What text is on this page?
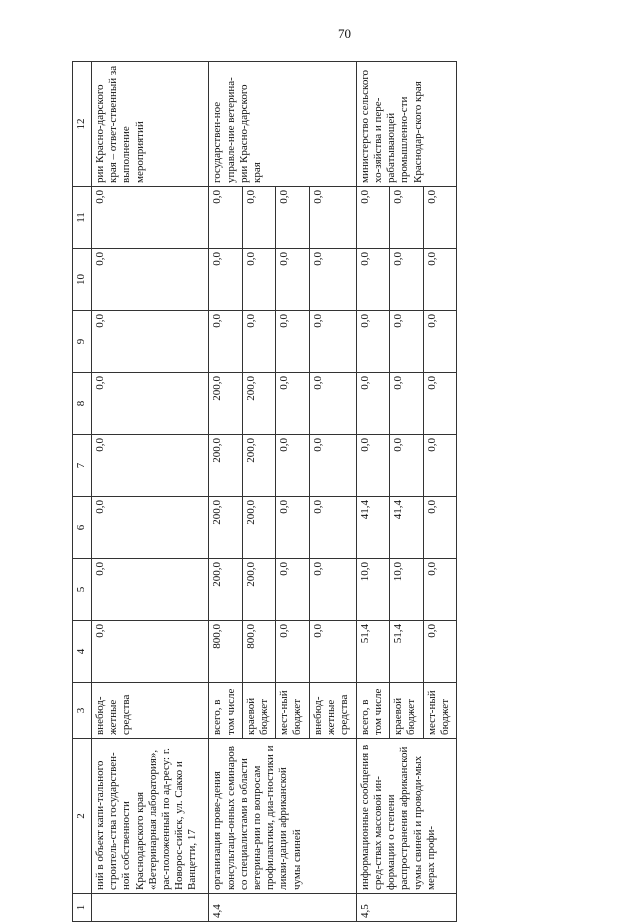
70
1	2	3	4	5	6	7	8	9	10	11	12
	ний в объект капи-тального строитель-ства государствен-ной собственности Краснодарского края «Ветеринарная лаборатория», рас-положенный по ад-ресу: г. Новорос-сийск, ул. Сакко и Ванцетти, 17	внебюд-жетные средства	0,0	0,0	0,0	0,0	0,0	0,0	0,0	0,0	рии Красно-дарского края – ответ-ственный за выполнение мероприятий
4,4	организация прове-дения консультаци-онных семинаров со специалистами в области ветерина-рии по вопросам профилактики, диа-гностики и ликви-дации африканской чумы свиней	всего, в том числе	800,0	200,0	200,0	200,0	200,0	0,0	0,0	0,0	государствен-ное управле-ние ветерина-рии Красно-дарского края
		краевой бюджет	800,0	200,0	200,0	200,0	200,0	0,0	0,0	0,0	
		мест-ный бюджет	0,0	0,0	0,0	0,0	0,0	0,0	0,0	0,0	
		внебюд-жетные средства	0,0	0,0	0,0	0,0	0,0	0,0	0,0	0,0	
4,5	информационные сообщения в сред-ствах массовой ин-формации о степени распространения африканской чумы свиней и проводи-мых мерах профи-	всего, в том числе	51,4	10,0	41,4	0,0	0,0	0,0	0,0	0,0	министерство сельского хо-зяйства и пере-рабатывающей промышленно-сти Краснодар-ского края
		краевой бюджет	51,4	10,0	41,4	0,0	0,0	0,0	0,0	0,0	
		мест-ный бюджет	0,0	0,0	0,0	0,0	0,0	0,0	0,0	0,0	
